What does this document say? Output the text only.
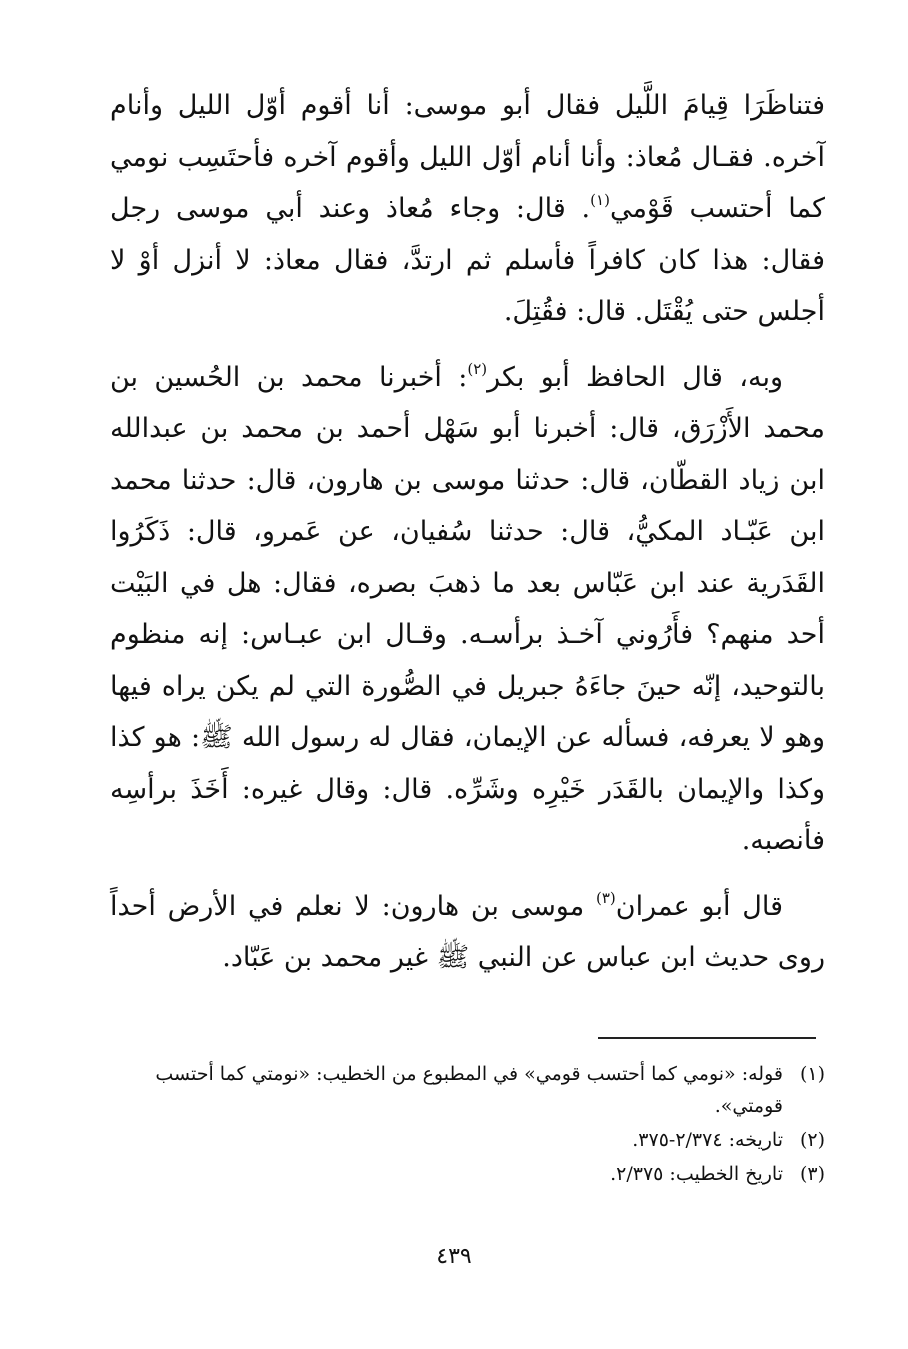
فتناظَرَا قِيامَ اللَّيل فقال أبو موسى: أنا أقوم أوّل الليل وأنام آخره. فقـال مُعاذ: وأنا أنام أوّل الليل وأقوم آخره فأحتَسِب نومي كما أحتسب قَوْمي$^{(١)}$. قال: وجاء مُعاذ وعند أبي موسى رجل فقال: هذا كان كافراً فأسلم ثم ارتدَّ، فقال معاذ: لا أنزل أوْ لا أجلس حتى يُقْتَل. قال: فقُتِلَ.

وبه، قال الحافظ أبو بكر$^{(٢)}$: أخبرنا محمد بن الحُسين بن محمد الأَزْرَق، قال: أخبرنا أبو سَهْل أحمد بن محمد بن عبدالله ابن زياد القطّان، قال: حدثنا موسى بن هارون، قال: حدثنا محمد ابن عَبّـاد المكيُّ، قال: حدثنا سُفيان، عن عَمرو، قال: ذَكَرُوا القَدَرية عند ابن عَبّاس بعد ما ذهبَ بصره، فقال: هل في البَيْت أحد منهم؟ فأَرُوني آخـذ برأسـه. وقـال ابن عبـاس: إنه منظوم بالتوحيد، إنّه حينَ جاءَهُ جبريل في الصُّورة التي لم يكن يراه فيها وهو لا يعرفه، فسأله عن الإيمان، فقال له رسول الله ﷺ: هو كذا وكذا والإيمان بالقَدَر خَيْرِه وشَرِّه. قال: وقال غيره: أَخَذَ برأسِه فأنصبه.

قال أبو عمران$^{(٣)}$ موسى بن هارون: لا نعلم في الأرض أحداً روى حديث ابن عباس عن النبي ﷺ غير محمد بن عَبّاد.

(١)
قوله: «نومي كما أحتسب قومي» في المطبوع من الخطيب: «نومتي كما أحتسب قومتي».

(٢)
تاريخه: ٢/٣٧٤-٣٧٥.

(٣)
تاريخ الخطيب: ٢/٣٧٥.

٤٣٩
